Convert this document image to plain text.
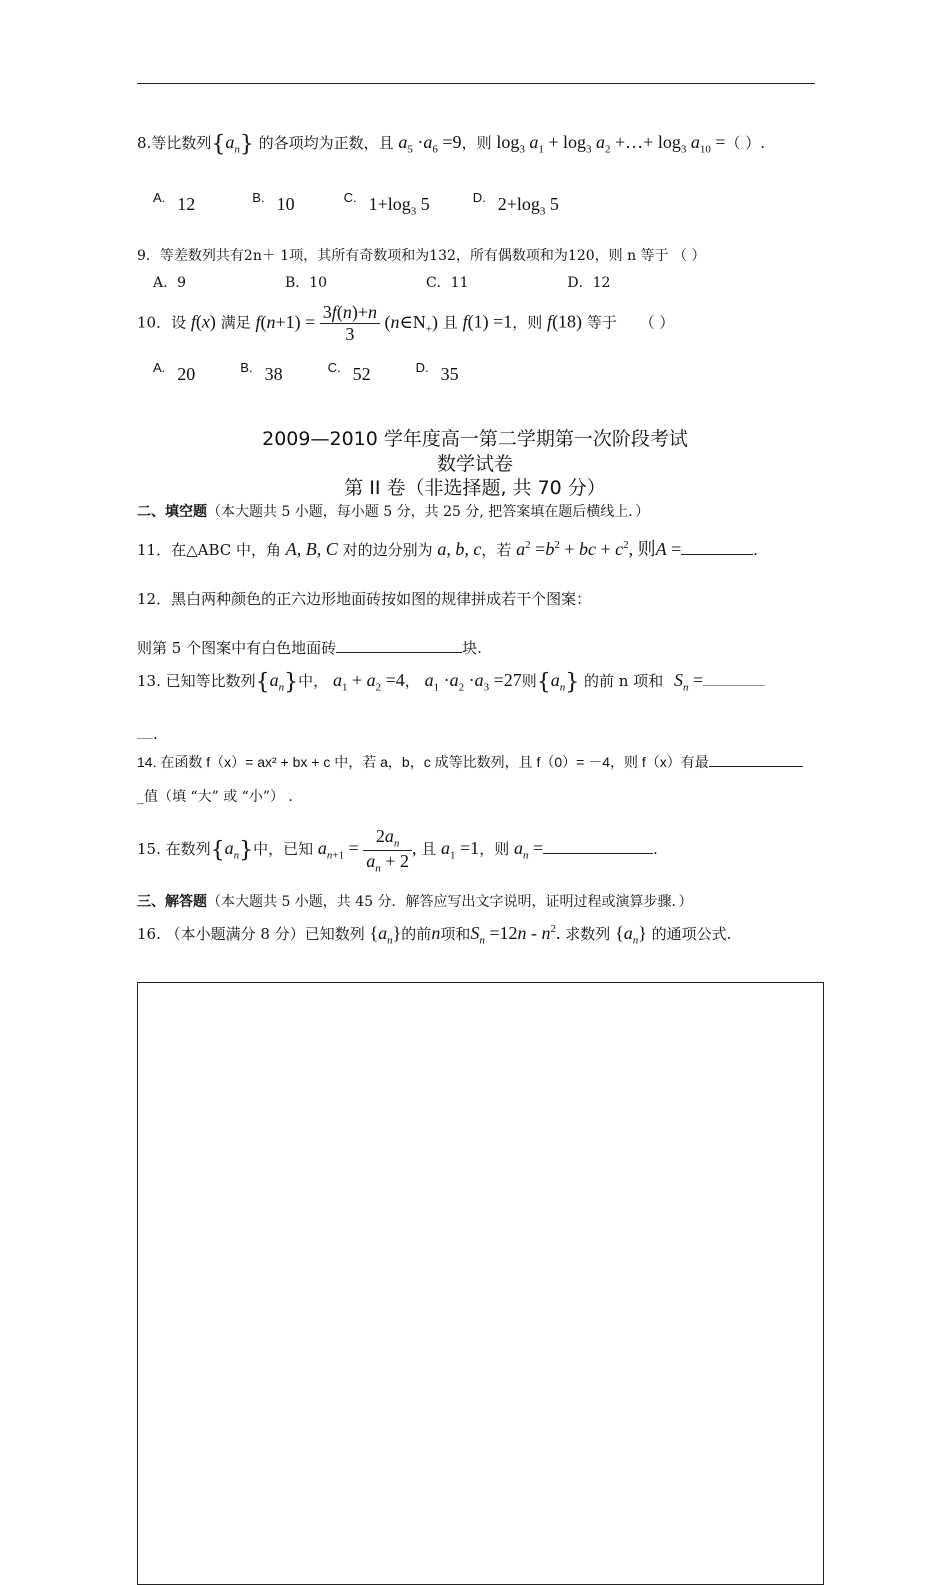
8.等比数列$\{a_n\}$ 的各项均为正数，且 $a_5 \cdot a_6 =9$，则 $\log_3 a_1 + \log_3 a_2$ +…+ $\log_3 a_{10}$ =（ ）.
$^{A.}$ 12	$^{B.}$ 10	$^{C.}$ $1+\log_3$ 5	$^{D.}$ $2+\log_3$ 5
9．等差数列共有2n＋ 1项，其所有奇数项和为132，所有偶数项和为120，则 n 等于 （ ）
A．9	B．10	C．11	D．12
10．设 f(x) 满足 $f(n+1) = \frac{3f(n)+n}{3}$ $(n\in N_+)$ 且 f(1) =1，则 f(18) 等于 （ ）
$^{A.}$ 20	$^{B.}$ 38	$^{C.}$ 52	$^{D.}$ 35
2009—2010 学年度高一第二学期第一次阶段考试
数学试卷
第 II 卷（非选择题, 共 70 分）
二、填空题（本大题共 5 小题，每小题 5 分，共 25 分, 把答案填在题后横线上．）
11．在△ABC 中，角 A, B, C 对的边分别为 a, b, c，若 $a^2 =b^2$ + bc + $c^2$, 则A =	.
12．黑白两种颜色的正六边形地面砖按如图的规律拼成若干个图案：
则第 5 个图案中有白色地面砖	块.
13. 已知等比数列$\{a_n\}$中， $a_1 + a_2 =4$， $a_1 \cdot a_2 \cdot a_3 =27$则$\{a_n\}$ 的前 n 项和 $S_n$ =
.
14. 在函数 f（x）= ax² + bx + c 中，若 a，b，c 成等比数列，且 f（0）= －4，则 f（x）有最
_值（填 “大” 或 “小”） .
15. 在数列$\{a_n\}$中，已知 $a_{n+1} = \frac{2a_n}{a_n + 2}$ , 且 $a_1 =1$，则 $a_n$ =	.
三、解答题（本大题共 5 小题，共 45 分．解答应写出文字说明，证明过程或演算步骤．）
16. （本小题满分 8 分）已知数列 $\{a_n\}$的前n项和$S_n =12n - n^2$. 求数列 $\{a_n\}$ 的通项公式.
